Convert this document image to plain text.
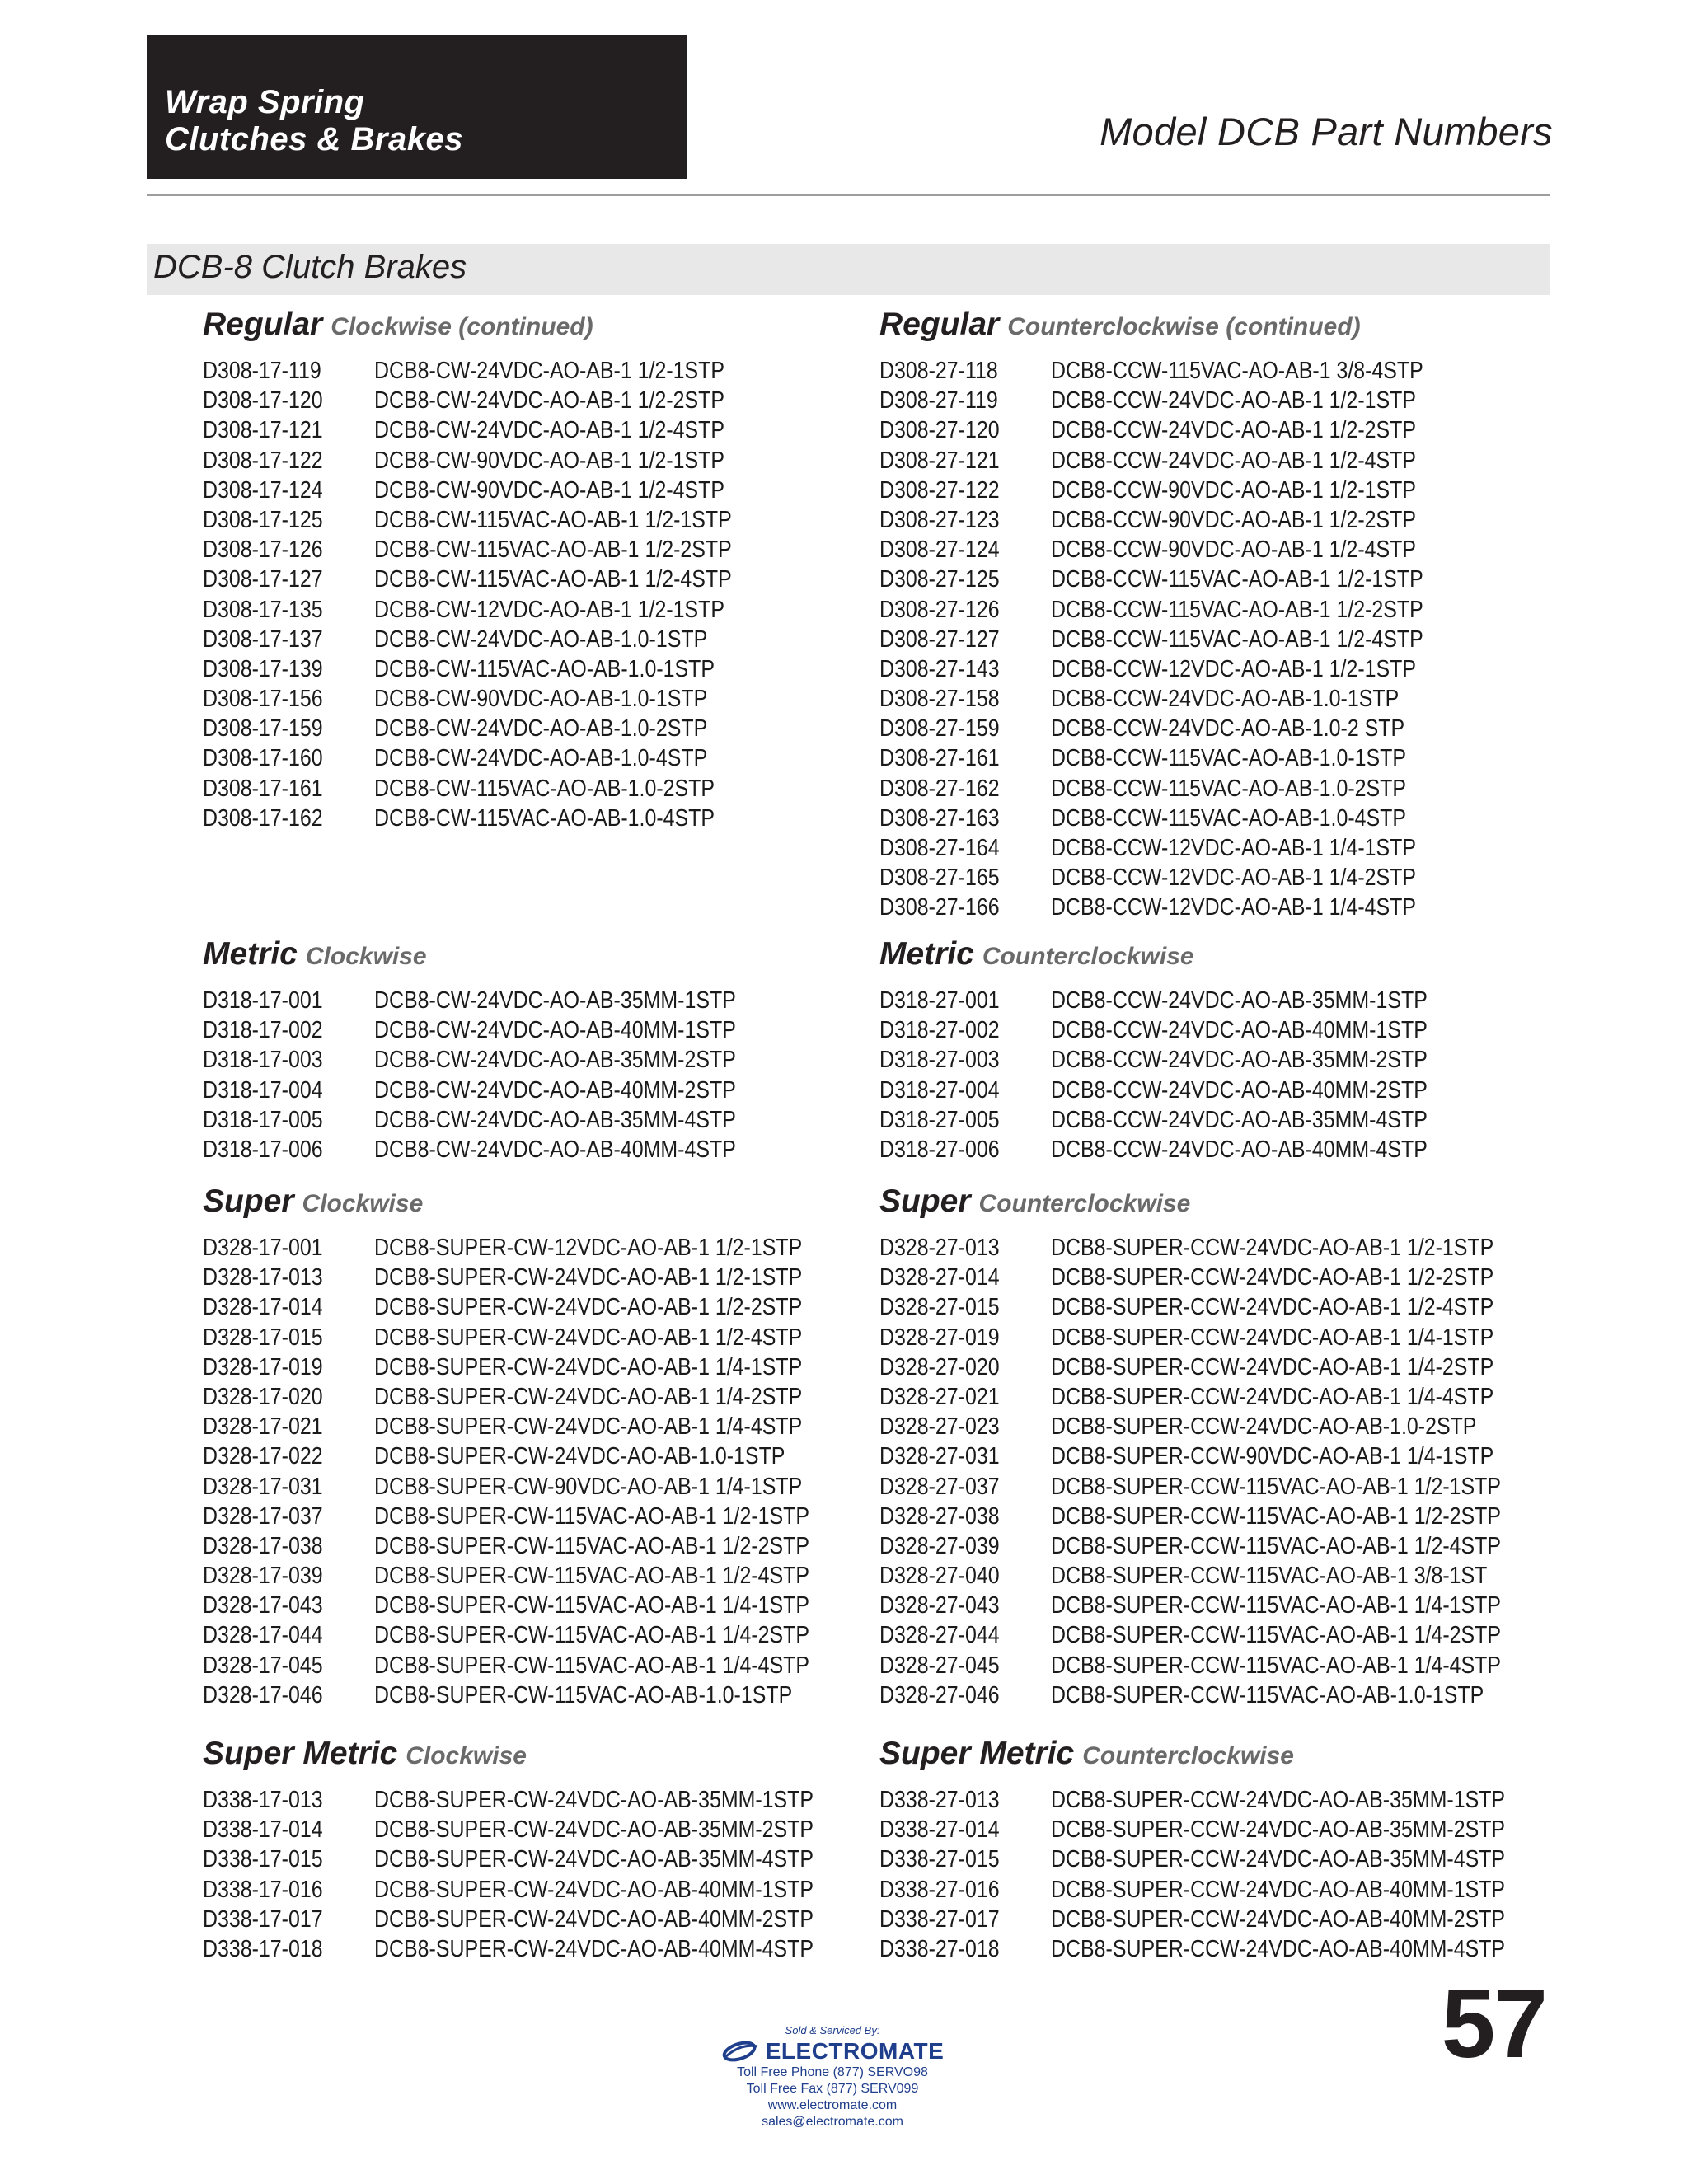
Wrap Spring
Clutches & Brakes	Model DCB Part Numbers
DCB-8 Clutch Brakes
Regular Clockwise (continued)
D308-17-119 DCB8-CW-24VDC-AO-AB-1 1/2-1STP
D308-17-120 DCB8-CW-24VDC-AO-AB-1 1/2-2STP
D308-17-121 DCB8-CW-24VDC-AO-AB-1 1/2-4STP
D308-17-122 DCB8-CW-90VDC-AO-AB-1 1/2-1STP
D308-17-124 DCB8-CW-90VDC-AO-AB-1 1/2-4STP
D308-17-125 DCB8-CW-115VAC-AO-AB-1 1/2-1STP
D308-17-126 DCB8-CW-115VAC-AO-AB-1 1/2-2STP
D308-17-127 DCB8-CW-115VAC-AO-AB-1 1/2-4STP
D308-17-135 DCB8-CW-12VDC-AO-AB-1 1/2-1STP
D308-17-137 DCB8-CW-24VDC-AO-AB-1.0-1STP
D308-17-139 DCB8-CW-115VAC-AO-AB-1.0-1STP
D308-17-156 DCB8-CW-90VDC-AO-AB-1.0-1STP
D308-17-159 DCB8-CW-24VDC-AO-AB-1.0-2STP
D308-17-160 DCB8-CW-24VDC-AO-AB-1.0-4STP
D308-17-161 DCB8-CW-115VAC-AO-AB-1.0-2STP
D308-17-162 DCB8-CW-115VAC-AO-AB-1.0-4STP
Regular Counterclockwise (continued)
D308-27-118 DCB8-CCW-115VAC-AO-AB-1 3/8-4STP
D308-27-119 DCB8-CCW-24VDC-AO-AB-1 1/2-1STP
D308-27-120 DCB8-CCW-24VDC-AO-AB-1 1/2-2STP
D308-27-121 DCB8-CCW-24VDC-AO-AB-1 1/2-4STP
D308-27-122 DCB8-CCW-90VDC-AO-AB-1 1/2-1STP
D308-27-123 DCB8-CCW-90VDC-AO-AB-1 1/2-2STP
D308-27-124 DCB8-CCW-90VDC-AO-AB-1 1/2-4STP
D308-27-125 DCB8-CCW-115VAC-AO-AB-1 1/2-1STP
D308-27-126 DCB8-CCW-115VAC-AO-AB-1 1/2-2STP
D308-27-127 DCB8-CCW-115VAC-AO-AB-1 1/2-4STP
D308-27-143 DCB8-CCW-12VDC-AO-AB-1 1/2-1STP
D308-27-158 DCB8-CCW-24VDC-AO-AB-1.0-1STP
D308-27-159 DCB8-CCW-24VDC-AO-AB-1.0-2 STP
D308-27-161 DCB8-CCW-115VAC-AO-AB-1.0-1STP
D308-27-162 DCB8-CCW-115VAC-AO-AB-1.0-2STP
D308-27-163 DCB8-CCW-115VAC-AO-AB-1.0-4STP
D308-27-164 DCB8-CCW-12VDC-AO-AB-1 1/4-1STP
D308-27-165 DCB8-CCW-12VDC-AO-AB-1 1/4-2STP
D308-27-166 DCB8-CCW-12VDC-AO-AB-1 1/4-4STP
Metric Clockwise
D318-17-001 DCB8-CW-24VDC-AO-AB-35MM-1STP
D318-17-002 DCB8-CW-24VDC-AO-AB-40MM-1STP
D318-17-003 DCB8-CW-24VDC-AO-AB-35MM-2STP
D318-17-004 DCB8-CW-24VDC-AO-AB-40MM-2STP
D318-17-005 DCB8-CW-24VDC-AO-AB-35MM-4STP
D318-17-006 DCB8-CW-24VDC-AO-AB-40MM-4STP
Metric Counterclockwise
D318-27-001 DCB8-CCW-24VDC-AO-AB-35MM-1STP
D318-27-002 DCB8-CCW-24VDC-AO-AB-40MM-1STP
D318-27-003 DCB8-CCW-24VDC-AO-AB-35MM-2STP
D318-27-004 DCB8-CCW-24VDC-AO-AB-40MM-2STP
D318-27-005 DCB8-CCW-24VDC-AO-AB-35MM-4STP
D318-27-006 DCB8-CCW-24VDC-AO-AB-40MM-4STP
Super Clockwise
D328-17-001 DCB8-SUPER-CW-12VDC-AO-AB-1 1/2-1STP
D328-17-013 DCB8-SUPER-CW-24VDC-AO-AB-1 1/2-1STP
D328-17-014 DCB8-SUPER-CW-24VDC-AO-AB-1 1/2-2STP
D328-17-015 DCB8-SUPER-CW-24VDC-AO-AB-1 1/2-4STP
D328-17-019 DCB8-SUPER-CW-24VDC-AO-AB-1 1/4-1STP
D328-17-020 DCB8-SUPER-CW-24VDC-AO-AB-1 1/4-2STP
D328-17-021 DCB8-SUPER-CW-24VDC-AO-AB-1 1/4-4STP
D328-17-022 DCB8-SUPER-CW-24VDC-AO-AB-1.0-1STP
D328-17-031 DCB8-SUPER-CW-90VDC-AO-AB-1 1/4-1STP
D328-17-037 DCB8-SUPER-CW-115VAC-AO-AB-1 1/2-1STP
D328-17-038 DCB8-SUPER-CW-115VAC-AO-AB-1 1/2-2STP
D328-17-039 DCB8-SUPER-CW-115VAC-AO-AB-1 1/2-4STP
D328-17-043 DCB8-SUPER-CW-115VAC-AO-AB-1 1/4-1STP
D328-17-044 DCB8-SUPER-CW-115VAC-AO-AB-1 1/4-2STP
D328-17-045 DCB8-SUPER-CW-115VAC-AO-AB-1 1/4-4STP
D328-17-046 DCB8-SUPER-CW-115VAC-AO-AB-1.0-1STP
Super Counterclockwise
D328-27-013 DCB8-SUPER-CCW-24VDC-AO-AB-1 1/2-1STP
D328-27-014 DCB8-SUPER-CCW-24VDC-AO-AB-1 1/2-2STP
D328-27-015 DCB8-SUPER-CCW-24VDC-AO-AB-1 1/2-4STP
D328-27-019 DCB8-SUPER-CCW-24VDC-AO-AB-1 1/4-1STP
D328-27-020 DCB8-SUPER-CCW-24VDC-AO-AB-1 1/4-2STP
D328-27-021 DCB8-SUPER-CCW-24VDC-AO-AB-1 1/4-4STP
D328-27-023 DCB8-SUPER-CCW-24VDC-AO-AB-1.0-2STP
D328-27-031 DCB8-SUPER-CCW-90VDC-AO-AB-1 1/4-1STP
D328-27-037 DCB8-SUPER-CCW-115VAC-AO-AB-1 1/2-1STP
D328-27-038 DCB8-SUPER-CCW-115VAC-AO-AB-1 1/2-2STP
D328-27-039 DCB8-SUPER-CCW-115VAC-AO-AB-1 1/2-4STP
D328-27-040 DCB8-SUPER-CCW-115VAC-AO-AB-1 3/8-1ST
D328-27-043 DCB8-SUPER-CCW-115VAC-AO-AB-1 1/4-1STP
D328-27-044 DCB8-SUPER-CCW-115VAC-AO-AB-1 1/4-2STP
D328-27-045 DCB8-SUPER-CCW-115VAC-AO-AB-1 1/4-4STP
D328-27-046 DCB8-SUPER-CCW-115VAC-AO-AB-1.0-1STP
Super Metric Clockwise
D338-17-013 DCB8-SUPER-CW-24VDC-AO-AB-35MM-1STP
D338-17-014 DCB8-SUPER-CW-24VDC-AO-AB-35MM-2STP
D338-17-015 DCB8-SUPER-CW-24VDC-AO-AB-35MM-4STP
D338-17-016 DCB8-SUPER-CW-24VDC-AO-AB-40MM-1STP
D338-17-017 DCB8-SUPER-CW-24VDC-AO-AB-40MM-2STP
D338-17-018 DCB8-SUPER-CW-24VDC-AO-AB-40MM-4STP
Super Metric Counterclockwise
D338-27-013 DCB8-SUPER-CCW-24VDC-AO-AB-35MM-1STP
D338-27-014 DCB8-SUPER-CCW-24VDC-AO-AB-35MM-2STP
D338-27-015 DCB8-SUPER-CCW-24VDC-AO-AB-35MM-4STP
D338-27-016 DCB8-SUPER-CCW-24VDC-AO-AB-40MM-1STP
D338-27-017 DCB8-SUPER-CCW-24VDC-AO-AB-40MM-2STP
D338-27-018 DCB8-SUPER-CCW-24VDC-AO-AB-40MM-4STP
57
Sold & Serviced By:
ELECTROMATE
Toll Free Phone (877) SERVO98
Toll Free Fax (877) SERV099
www.electromate.com
sales@electromate.com
